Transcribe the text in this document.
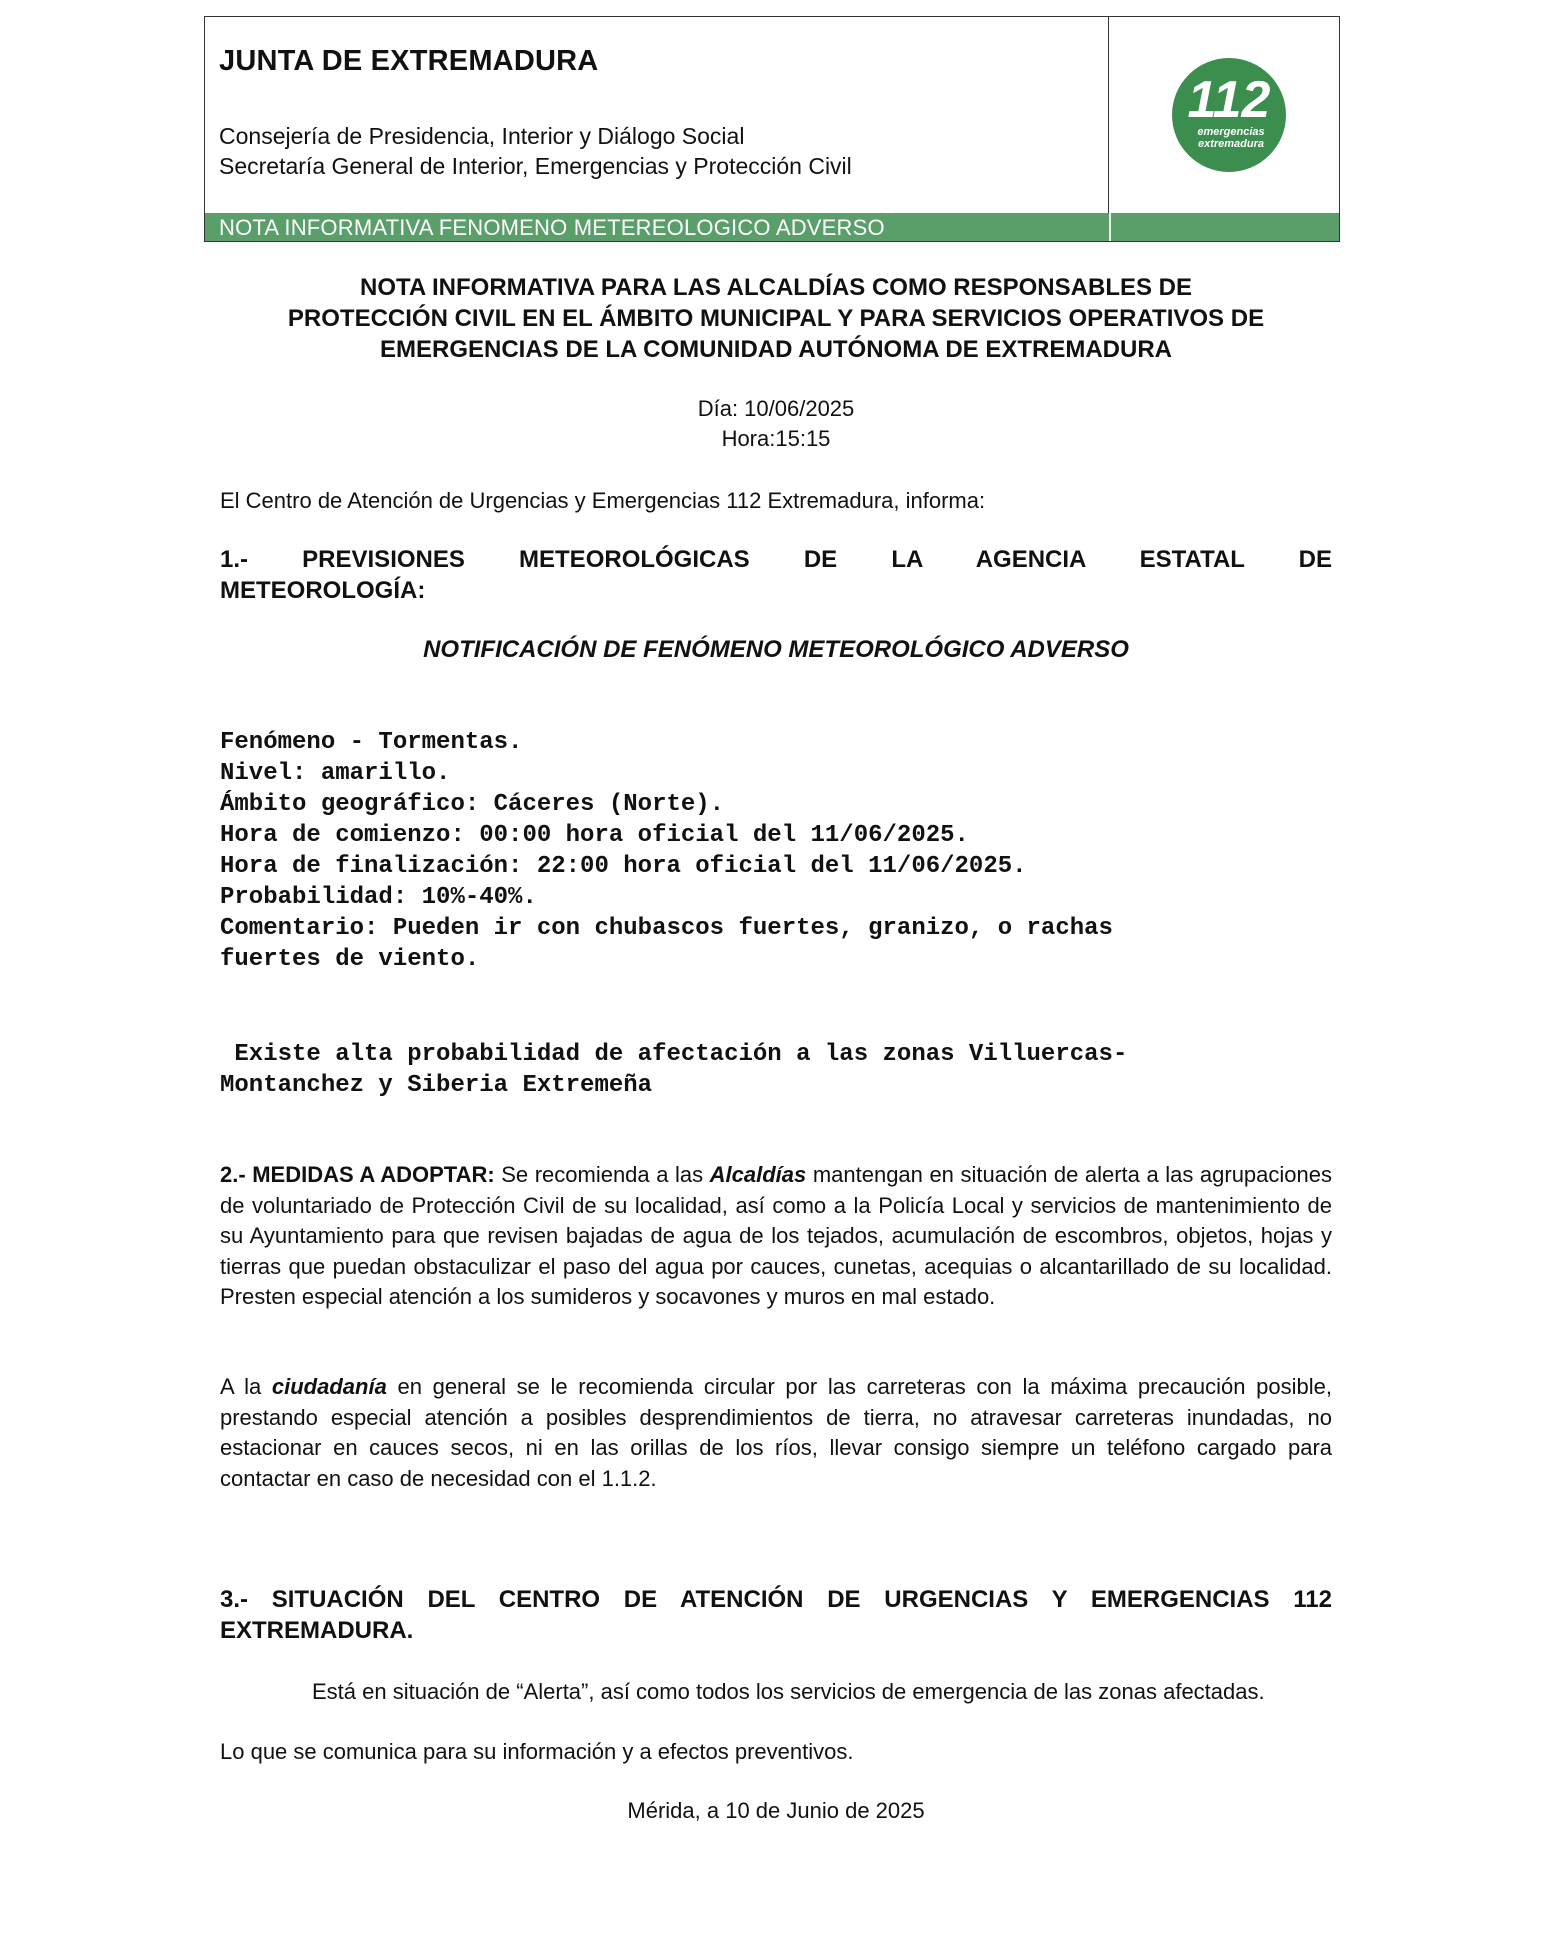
JUNTA DE EXTREMADURA
Consejería de Presidencia, Interior y Diálogo Social
Secretaría General de Interior, Emergencias y Protección Civil
112
emergencias
extremadura
NOTA INFORMATIVA FENOMENO METEREOLOGICO ADVERSO
NOTA INFORMATIVA PARA LAS ALCALDÍAS COMO RESPONSABLES DE
PROTECCIÓN CIVIL EN EL ÁMBITO MUNICIPAL Y PARA SERVICIOS OPERATIVOS DE
EMERGENCIAS DE LA COMUNIDAD AUTÓNOMA DE EXTREMADURA
Día: 10/06/2025
Hora:15:15
El Centro de Atención de Urgencias y Emergencias 112 Extremadura, informa:
1.- PREVISIONES METEOROLÓGICAS DE LA AGENCIA ESTATAL DE
METEOROLOGÍA:
NOTIFICACIÓN DE FENÓMENO METEOROLÓGICO ADVERSO
Fenómeno - Tormentas.
Nivel: amarillo.
Ámbito geográfico: Cáceres (Norte).
Hora de comienzo: 00:00 hora oficial del 11/06/2025.
Hora de finalización: 22:00 hora oficial del 11/06/2025.
Probabilidad: 10%-40%.
Comentario: Pueden ir con chubascos fuertes, granizo, o rachas
fuertes de viento.
Existe alta probabilidad de afectación a las zonas Villuercas-
Montanchez y Siberia Extremeña
2.- MEDIDAS A ADOPTAR: Se recomienda a las Alcaldías mantengan en situación de alerta a las agrupaciones de voluntariado de Protección Civil de su localidad, así como a la Policía Local y servicios de mantenimiento de su Ayuntamiento para que revisen bajadas de agua de los tejados, acumulación de escombros, objetos, hojas y tierras que puedan obstaculizar el paso del agua por cauces, cunetas, acequias o alcantarillado de su localidad. Presten especial atención a los sumideros y socavones y muros en mal estado.
A la ciudadanía en general se le recomienda circular por las carreteras con la máxima precaución posible, prestando especial atención a posibles desprendimientos de tierra, no atravesar carreteras inundadas, no estacionar en cauces secos, ni en las orillas de los ríos, llevar consigo siempre un teléfono cargado para contactar en caso de necesidad con el 1.1.2.
3.- SITUACIÓN DEL CENTRO DE ATENCIÓN DE URGENCIAS Y EMERGENCIAS 112
EXTREMADURA.
Está en situación de “Alerta”, así como todos los servicios de emergencia de las zonas afectadas.
Lo que se comunica para su información y a efectos preventivos.
Mérida, a 10 de Junio de 2025
